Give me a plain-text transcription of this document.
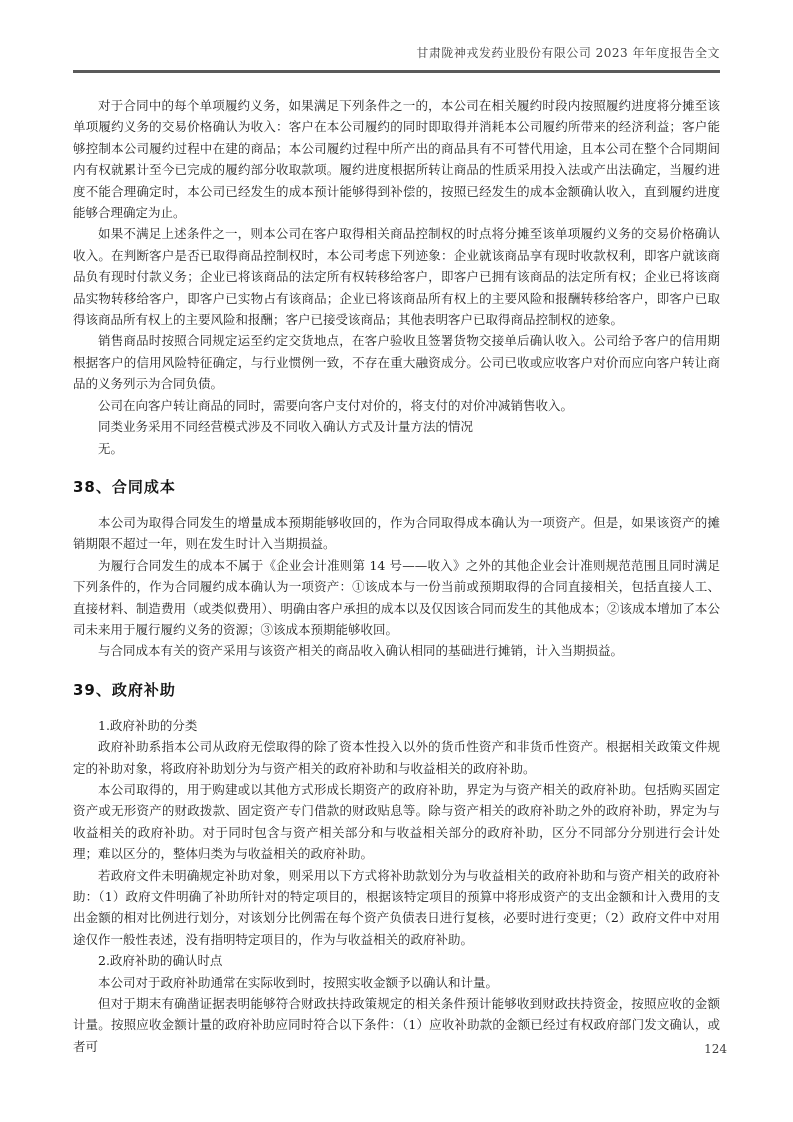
甘肃陇神戎发药业股份有限公司 2023 年年度报告全文

对于合同中的每个单项履约义务，如果满足下列条件之一的，本公司在相关履约时段内按照履约进度将分摊至该单项履约义务的交易价格确认为收入：客户在本公司履约的同时即取得并消耗本公司履约所带来的经济利益；客户能够控制本公司履约过程中在建的商品；本公司履约过程中所产出的商品具有不可替代用途，且本公司在整个合同期间内有权就累计至今已完成的履约部分收取款项。履约进度根据所转让商品的性质采用投入法或产出法确定，当履约进度不能合理确定时，本公司已经发生的成本预计能够得到补偿的，按照已经发生的成本金额确认收入，直到履约进度能够合理确定为止。

如果不满足上述条件之一，则本公司在客户取得相关商品控制权的时点将分摊至该单项履约义务的交易价格确认收入。在判断客户是否已取得商品控制权时，本公司考虑下列迹象：企业就该商品享有现时收款权利，即客户就该商品负有现时付款义务；企业已将该商品的法定所有权转移给客户，即客户已拥有该商品的法定所有权；企业已将该商品实物转移给客户，即客户已实物占有该商品；企业已将该商品所有权上的主要风险和报酬转移给客户，即客户已取得该商品所有权上的主要风险和报酬；客户已接受该商品；其他表明客户已取得商品控制权的迹象。

销售商品时按照合同规定运至约定交货地点，在客户验收且签署货物交接单后确认收入。公司给予客户的信用期根据客户的信用风险特征确定，与行业惯例一致，不存在重大融资成分。公司已收或应收客户对价而应向客户转让商品的义务列示为合同负债。

公司在向客户转让商品的同时，需要向客户支付对价的，将支付的对价冲减销售收入。

同类业务采用不同经营模式涉及不同收入确认方式及计量方法的情况

无。

38、合同成本

本公司为取得合同发生的增量成本预期能够收回的，作为合同取得成本确认为一项资产。但是，如果该资产的摊销期限不超过一年，则在发生时计入当期损益。

为履行合同发生的成本不属于《企业会计准则第 14 号——收入》之外的其他企业会计准则规范范围且同时满足下列条件的，作为合同履约成本确认为一项资产：①该成本与一份当前或预期取得的合同直接相关，包括直接人工、直接材料、制造费用（或类似费用）、明确由客户承担的成本以及仅因该合同而发生的其他成本；②该成本增加了本公司未来用于履行履约义务的资源；③该成本预期能够收回。

与合同成本有关的资产采用与该资产相关的商品收入确认相同的基础进行摊销，计入当期损益。

39、政府补助

1.政府补助的分类

政府补助系指本公司从政府无偿取得的除了资本性投入以外的货币性资产和非货币性资产。根据相关政策文件规定的补助对象，将政府补助划分为与资产相关的政府补助和与收益相关的政府补助。

本公司取得的，用于购建或以其他方式形成长期资产的政府补助，界定为与资产相关的政府补助。包括购买固定资产或无形资产的财政拨款、固定资产专门借款的财政贴息等。除与资产相关的政府补助之外的政府补助，界定为与收益相关的政府补助。对于同时包含与资产相关部分和与收益相关部分的政府补助，区分不同部分分别进行会计处理；难以区分的，整体归类为与收益相关的政府补助。

若政府文件未明确规定补助对象，则采用以下方式将补助款划分为与收益相关的政府补助和与资产相关的政府补助：（1）政府文件明确了补助所针对的特定项目的，根据该特定项目的预算中将形成资产的支出金额和计入费用的支出金额的相对比例进行划分，对该划分比例需在每个资产负债表日进行复核，必要时进行变更；（2）政府文件中对用途仅作一般性表述，没有指明特定项目的，作为与收益相关的政府补助。

2.政府补助的确认时点

本公司对于政府补助通常在实际收到时，按照实收金额予以确认和计量。

但对于期末有确凿证据表明能够符合财政扶持政策规定的相关条件预计能够收到财政扶持资金，按照应收的金额计量。按照应收金额计量的政府补助应同时符合以下条件：（1）应收补助款的金额已经过有权政府部门发文确认，或者可	124
